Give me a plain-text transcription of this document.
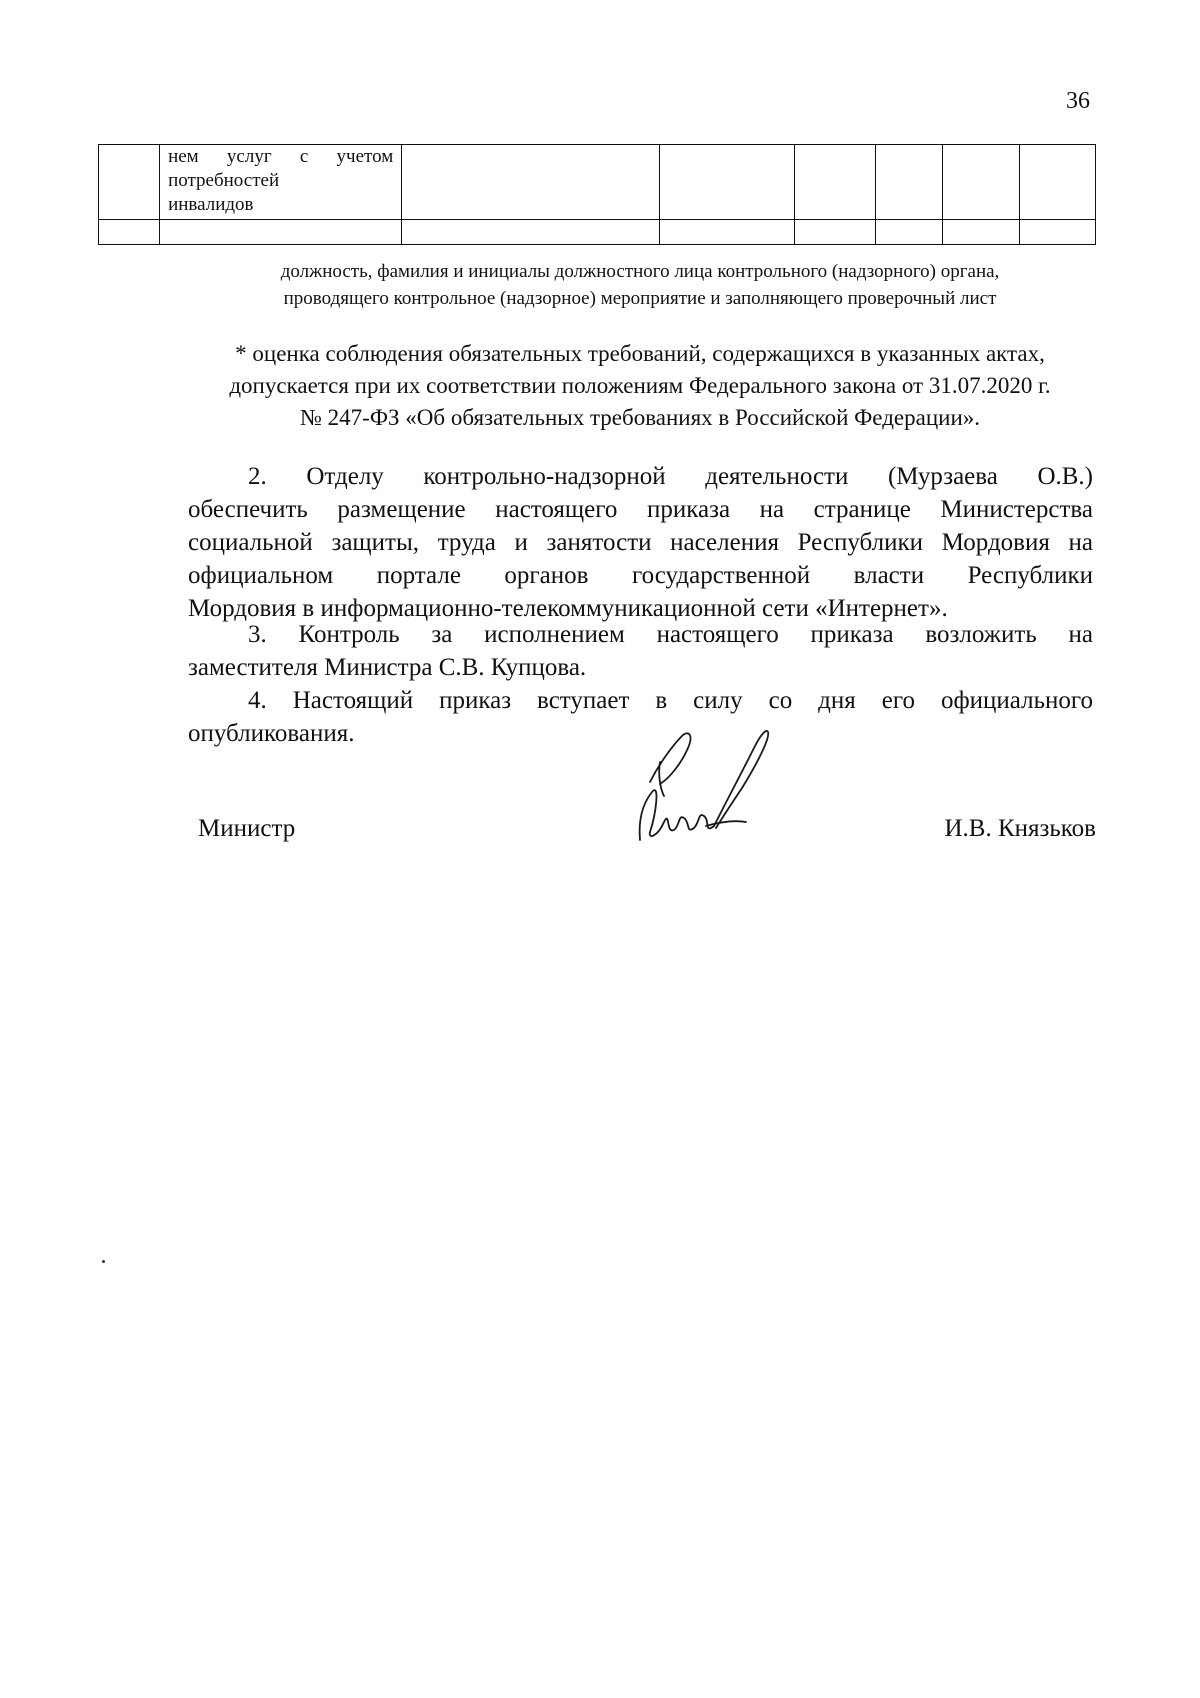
36

	нем услуг с учетом
потребностей
инвалидов						

должность, фамилия и инициалы должностного лица контрольного (надзорного) органа,
проводящего контрольное (надзорное) мероприятие и заполняющего проверочный лист
* оценка соблюдения обязательных требований, содержащихся в указанных актах,
допускается при их соответствии положениям Федерального закона от 31.07.2020 г.
№ 247-ФЗ «Об обязательных требованиях в Российской Федерации».
2. Отделу контрольно-надзорной деятельности (Мурзаева О.В.)
обеспечить размещение настоящего приказа на странице Министерства
социальной защиты, труда и занятости населения Республики Мордовия на
официальном портале органов государственной власти Республики
Мордовия в информационно-телекоммуникационной сети «Интернет».
3. Контроль за исполнением настоящего приказа возложить на
заместителя Министра С.В. Купцова.
4. Настоящий приказ вступает в силу со дня его официального
опубликования.
Министр	И.В. Князьков
